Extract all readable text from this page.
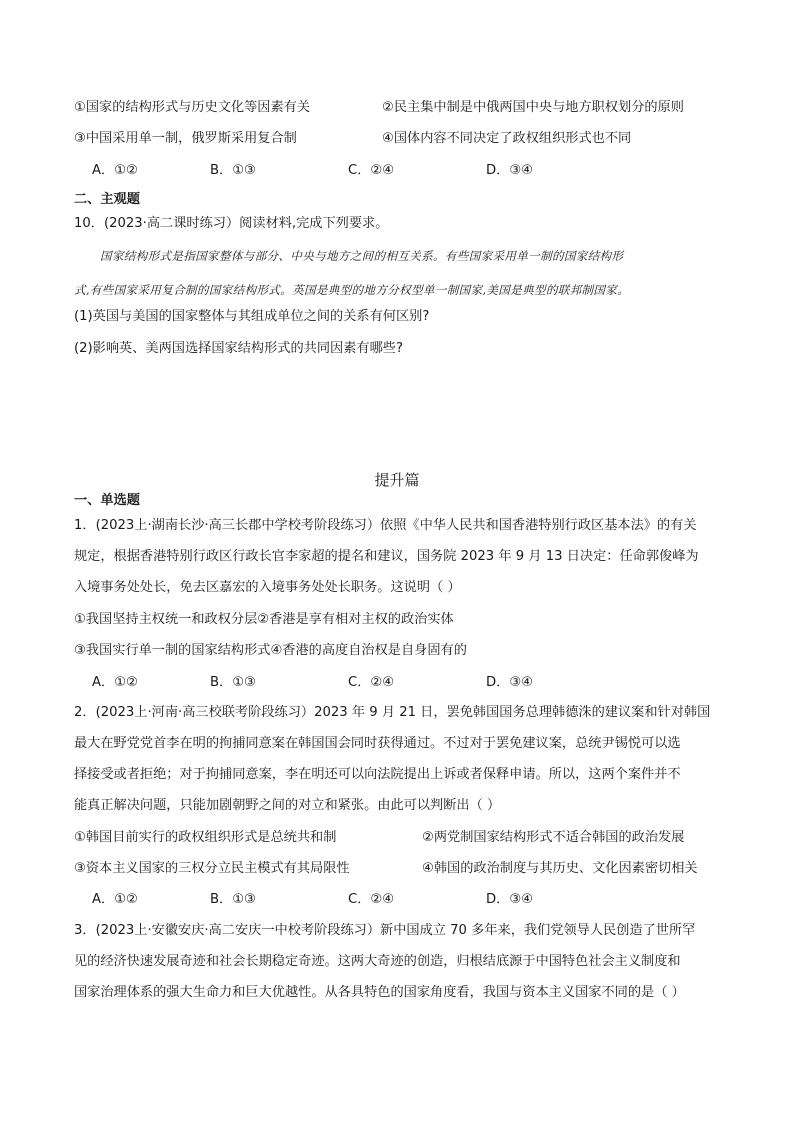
①国家的结构形式与历史文化等因素有关	②民主集中制是中俄两国中央与地方职权划分的原则
③中国采用单一制，俄罗斯采用复合制	④国体内容不同决定了政权组织形式也不同
A．①②	B．①③	C．②④	D．③④
二、主观题
10．(2023·高二课时练习）阅读材料,完成下列要求。
国家结构形式是指国家整体与部分、中央与地方之间的相互关系。有些国家采用单一制的国家结构形
式,有些国家采用复合制的国家结构形式。英国是典型的地方分权型单一制国家,美国是典型的联邦制国家。
(1)英国与美国的国家整体与其组成单位之间的关系有何区别?
(2)影响英、美两国选择国家结构形式的共同因素有哪些?
提升篇
一、单选题
1．(2023上·湖南长沙·高三长郡中学校考阶段练习）依照《中华人民共和国香港特别行政区基本法》的有关
规定，根据香港特别行政区行政长官李家超的提名和建议，国务院 2023 年 9 月 13 日决定：任命郭俊峰为
入境事务处处长，免去区嘉宏的入境事务处处长职务。这说明（ ）
①我国坚持主权统一和政权分层②香港是享有相对主权的政治实体
③我国实行单一制的国家结构形式④香港的高度自治权是自身固有的
A．①②	B．①③	C．②④	D．③④
2．(2023上·河南·高三校联考阶段练习）2023 年 9 月 21 日，罢免韩国国务总理韩德洙的建议案和针对韩国
最大在野党党首李在明的拘捕同意案在韩国国会同时获得通过。不过对于罢免建议案，总统尹锡悦可以选
择接受或者拒绝；对于拘捕同意案，李在明还可以向法院提出上诉或者保释申请。所以，这两个案件并不
能真正解决问题，只能加剧朝野之间的对立和紧张。由此可以判断出（ ）
①韩国目前实行的政权组织形式是总统共和制	②两党制国家结构形式不适合韩国的政治发展
③资本主义国家的三权分立民主模式有其局限性	④韩国的政治制度与其历史、文化因素密切相关
A．①②	B．①③	C．②④	D．③④
3．(2023上·安徽安庆·高二安庆一中校考阶段练习）新中国成立 70 多年来，我们党领导人民创造了世所罕
见的经济快速发展奇迹和社会长期稳定奇迹。这两大奇迹的创造，归根结底源于中国特色社会主义制度和
国家治理体系的强大生命力和巨大优越性。从各具特色的国家角度看，我国与资本主义国家不同的是（ ）
